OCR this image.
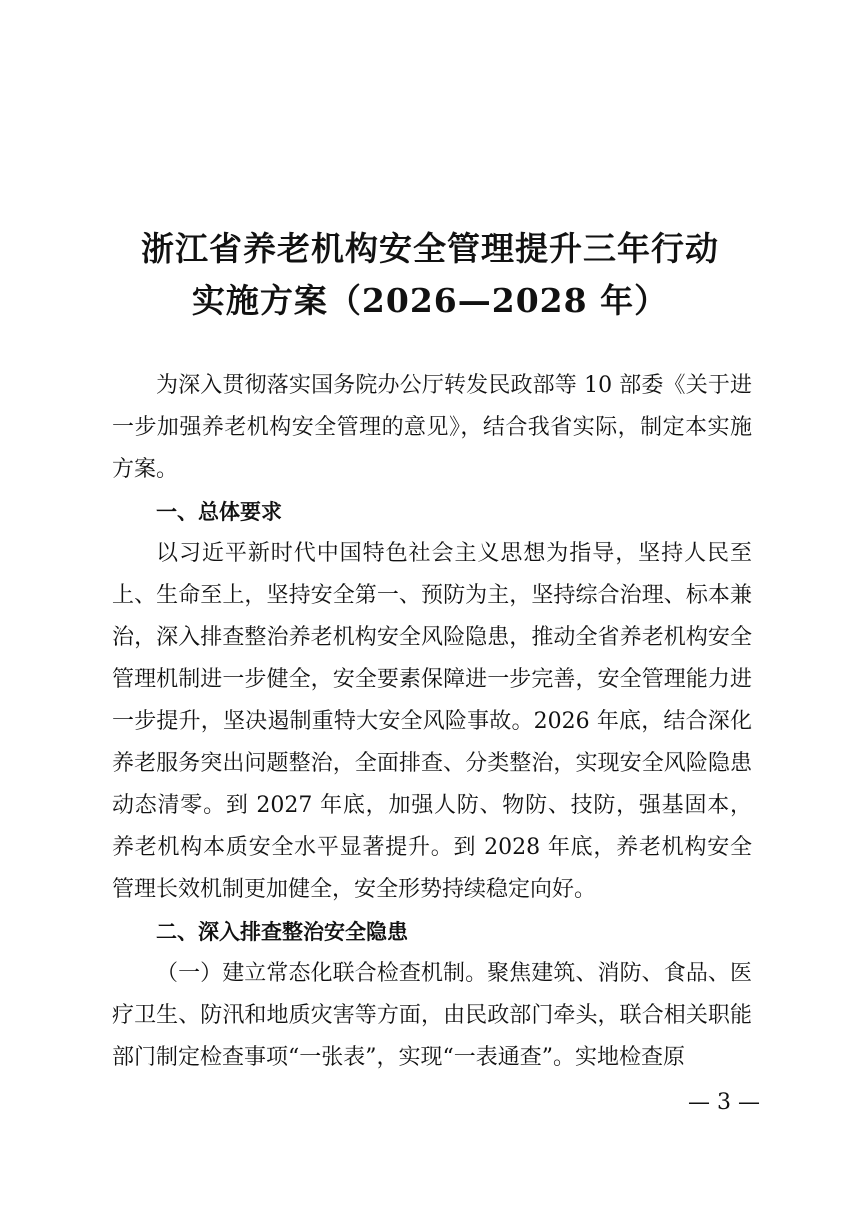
浙江省养老机构安全管理提升三年行动
实施方案（2026—2028 年）

为深入贯彻落实国务院办公厅转发民政部等 10 部委《关于进一步加强养老机构安全管理的意见》，结合我省实际，制定本实施方案。

一、总体要求

以习近平新时代中国特色社会主义思想为指导，坚持人民至上、生命至上，坚持安全第一、预防为主，坚持综合治理、标本兼治，深入排查整治养老机构安全风险隐患，推动全省养老机构安全管理机制进一步健全，安全要素保障进一步完善，安全管理能力进一步提升，坚决遏制重特大安全风险事故。2026 年底，结合深化养老服务突出问题整治，全面排查、分类整治，实现安全风险隐患动态清零。到 2027 年底，加强人防、物防、技防，强基固本，养老机构本质安全水平显著提升。到 2028 年底，养老机构安全管理长效机制更加健全，安全形势持续稳定向好。

二、深入排查整治安全隐患

（一）建立常态化联合检查机制。聚焦建筑、消防、食品、医疗卫生、防汛和地质灾害等方面，由民政部门牵头，联合相关职能部门制定检查事项“一张表”，实现“一表通查”。实地检查原

— 3 —
